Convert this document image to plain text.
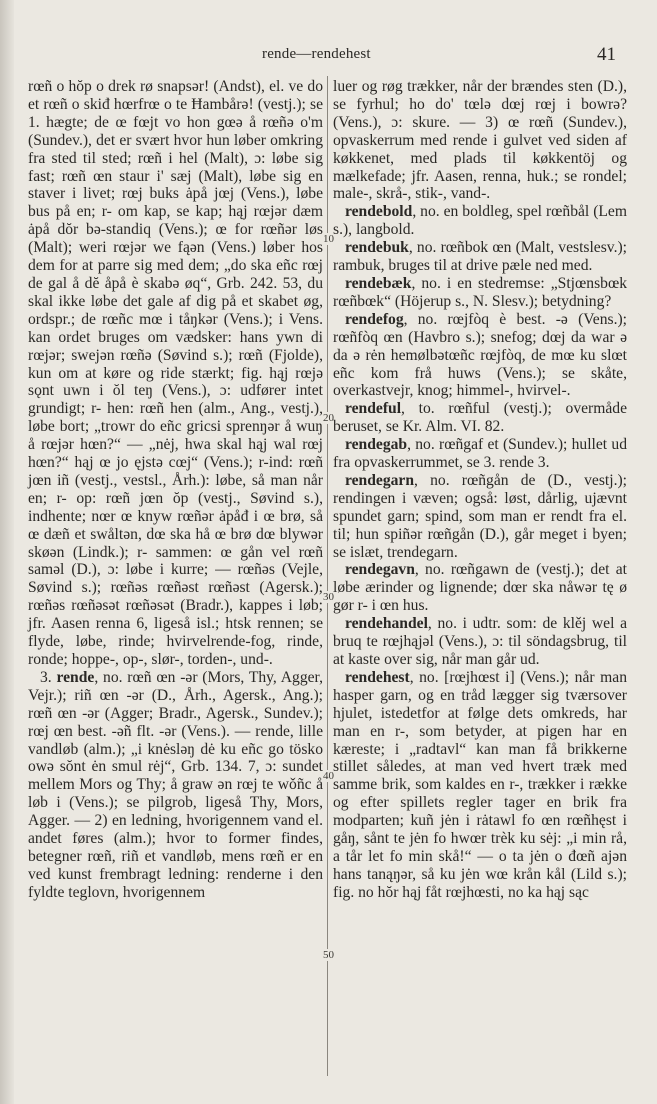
rende—rendehest	41
10
20
30
40
50

rœñ o hŏp o drek rø snapsər! (Andst), el. ve do et rœñ o skiđ hœrfrœ o te Ħambårə! (vestj.); se 1. hægte; de œ fœjt vo hon gœə å rœñə o'm (Sundev.), det er svært hvor hun løber omkring fra sted til sted; rœñ i hel (Malt), ɔ: løbe sig fast; rœñ œn staur i' sæj (Malt), løbe sig en staver i livet; rœj buks ȧpå jœj (Vens.), løbe bus på en; r- om kap, se kap; hąj rœjər dæm ȧpå dŏr bə-standiq (Vens.); œ for rœñər løs (Malt); weri rœjər we fąən (Vens.) løber hos dem for at parre sig med dem; „do ska eñc rœj de gal å dĕ åpå è skabə øq“, Grb. 242. 53, du skal ikke løbe det gale af dig på et skabet øg, ordspr.; de rœñc mœ i tåŋkər (Vens.); i Vens. kan ordet bruges om vædsker: hans ywn di rœjər; swejən rœñə (Søvind s.); rœñ (Fjolde), kun om at køre og ride stærkt; fig. hąj rœjə sǫnt uwn i ŏl teŋ (Vens.), ɔ: udfører intet grundigt; r- hen: rœñ hen (alm., Ang., vestj.), løbe bort; „trowr do eñc gricsi sprenŋər å wuŋ å rœjər hœn?“ — „nėj, hwa skal hąj wal rœj hœn?“ hąj œ jo ęjstə cœj“ (Vens.); r-ind: rœñ jœn iñ (vestj., vestsl., Årh.): løbe, så man når en; r- op: rœñ jœn ŏp (vestj., Søvind s.), indhente; nœr œ knyw rœñər ȧpåđ i œ brø, så œ dæñ et swåltən, dœ ska hå œ brø dœ blywər skøən (Lindk.); r- sammen: œ gån vel rœñ saməl (D.), ɔ: løbe i kurre; — rœñəs (Vejle, Søvind s.); rœñəs rœñəst rœñəst (Agersk.); rœñəs rœñəsət rœñəsət (Bradr.), kappes i løb; jfr. Aasen renna 6, ligeså isl.; htsk rennen; se flyde, løbe, rinde; hvirvelrende-fog, rinde, ronde; hoppe-, op-, slør-, torden-, und-.

3. rende, no. rœñ œn -ər (Mors, Thy, Agger, Vejr.); riñ œn -ər (D., Årh., Agersk., Ang.); rœñ œn -ər (Agger; Bradr., Agersk., Sundev.); rœj œn best. -əñ flt. -ər (Vens.). — rende, lille vandløb (alm.); „i knėsləŋ dė ku eñc go tösko owə sŏnt ėn smul rėj“, Grb. 134. 7, ɔ: sundet mellem Mors og Thy; å graw ən rœj te wǒñc å løb i (Vens.); se pilgrob, ligeså Thy, Mors, Agger. — 2) en ledning, hvorigennem vand el. andet føres (alm.); hvor to former findes, betegner rœñ, riñ et vandløb, mens rœñ er en ved kunst frembragt ledning: renderne i den fyldte teglovn, hvorigennem

luer og røg trækker, når der brændes sten (D.), se fyrhul; ho do' tœlə dœj rœj i bowrə? (Vens.), ɔ: skure. — 3) œ rœñ (Sundev.), opvaskerrum med rende i gulvet ved siden af køkkenet, med plads til køkkentöj og mælkefade; jfr. Aasen, renna, huk.; se rondel; male-, skrå-, stik-, vand-.

rendebold, no. en boldleg, spel rœñbål (Lem s.), langbold.

rendebuk, no. rœñbok œn (Malt, vestslesv.); rambuk, bruges til at drive pæle ned med.

rendebæk, no. i en stedremse: „Stjœnsbœk rœñbœk“ (Höjerup s., N. Slesv.); betydning?

rendefog, no. rœjfòq è best. -ə (Vens.); rœñfòq œn (Havbro s.); snefog; dœj da war ə da ə rėn hemølbətœñc rœjfòq, de mœ ku slœt eñc kom frå huws (Vens.); se skåte, overkastvejr, knog; himmel-, hvirvel-.

rendeful, to. rœñful (vestj.); overmåde beruset, se Kr. Alm. VI. 82.

rendegab, no. rœñgaf et (Sundev.); hullet ud fra opvaskerrummet, se 3. rende 3.

rendegarn, no. rœñgån de (D., vestj.); rendingen i væven; også: løst, dårlig, ujævnt spundet garn; spind, som man er rendt fra el. til; hun spiñər rœñgån (D.), går meget i byen; se islæt, trendegarn.

rendegavn, no. rœñgawn de (vestj.); det at løbe ærinder og lignende; dœr ska nåwər tę ø gør r- i œn hus.

rendehandel, no. i udtr. som: de klěj wel a bruq te rœjhąjəl (Vens.), ɔ: til söndagsbrug, til at kaste over sig, når man går ud.

rendehest, no. [rœjhœst i] (Vens.); når man hasper garn, og en tråd lægger sig tværsover hjulet, istedetfor at følge dets omkreds, har man en r-, som betyder, at pigen har en kæreste; i „radtavl“ kan man få brikkerne stillet således, at man ved hvert træk med samme brik, som kaldes en r-, trækker i række og efter spillets regler tager en brik fra modparten; kuñ jėn i rȧtawl fo œn rœñhęst i gåŋ, sånt te jėn fo hwœr trèk ku sėj: „i min rå, a tår let fo min skå!“ — o ta jėn o đœñ ajən hans tanąŋər, så ku jėn wœ krån kål (Lild s.); fig. no hŏr hąj fåt rœjhœsti, no ka hąj sąc
